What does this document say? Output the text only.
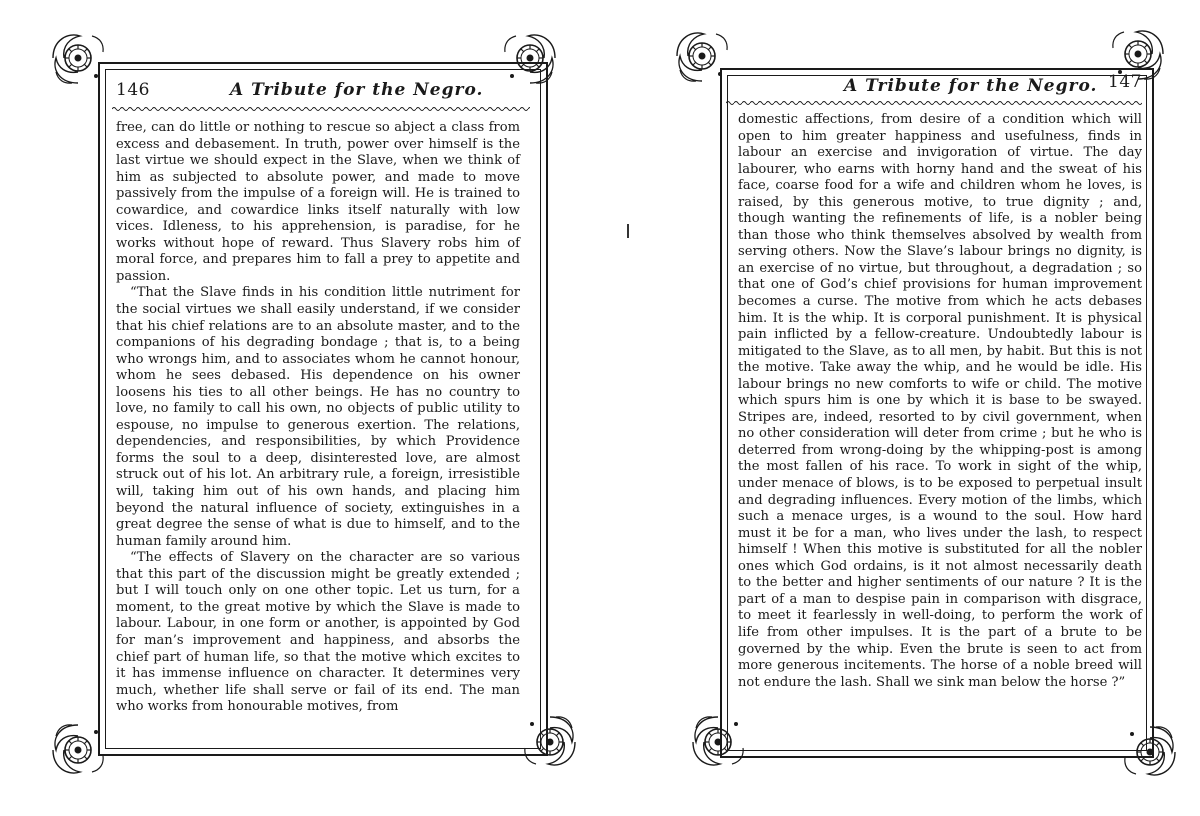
146	A Tribute for the Negro.

free, can do little or nothing to rescue so abject a class from excess and debasement. In truth, power over himself is the last virtue we should expect in the Slave, when we think of him as subjected to absolute power, and made to move passively from the impulse of a foreign will. He is trained to cowardice, and cowardice links itself naturally with low vices. Idleness, to his apprehension, is paradise, for he works without hope of reward. Thus Slavery robs him of moral force, and prepares him to fall a prey to appetite and passion.

“That the Slave finds in his condition little nutriment for the social virtues we shall easily understand, if we consider that his chief relations are to an absolute master, and to the companions of his degrading bondage ; that is, to a being who wrongs him, and to associates whom he cannot honour, whom he sees debased. His dependence on his owner loosens his ties to all other beings. He has no country to love, no family to call his own, no objects of public utility to espouse, no impulse to generous exertion. The relations, dependencies, and responsibilities, by which Providence forms the soul to a deep, disinterested love, are almost struck out of his lot. An arbitrary rule, a foreign, irresistible will, taking him out of his own hands, and placing him beyond the natural influence of society, extinguishes in a great degree the sense of what is due to himself, and to the human family around him.

“The effects of Slavery on the character are so various that this part of the discussion might be greatly extended ; but I will touch only on one other topic. Let us turn, for a moment, to the great motive by which the Slave is made to labour. Labour, in one form or another, is appointed by God for man’s improvement and happiness, and absorbs the chief part of human life, so that the motive which excites to it has immense influence on character. It determines very much, whether life shall serve or fail of its end. The man who works from honourable motives, from

A Tribute for the Negro. 147

domestic affections, from desire of a condition which will open to him greater happiness and usefulness, finds in labour an exercise and invigoration of virtue. The day labourer, who earns with horny hand and the sweat of his face, coarse food for a wife and children whom he loves, is raised, by this generous motive, to true dignity ; and, though wanting the refinements of life, is a nobler being than those who think themselves absolved by wealth from serving others. Now the Slave’s labour brings no dignity, is an exercise of no virtue, but throughout, a degradation ; so that one of God’s chief provisions for human improvement becomes a curse. The motive from which he acts debases him. It is the whip. It is corporal punishment. It is physical pain inflicted by a fellow-creature. Undoubtedly labour is mitigated to the Slave, as to all men, by habit. But this is not the motive. Take away the whip, and he would be idle. His labour brings no new comforts to wife or child. The motive which spurs him is one by which it is base to be swayed. Stripes are, indeed, resorted to by civil government, when no other consideration will deter from crime ; but he who is deterred from wrong-doing by the whipping-post is among the most fallen of his race. To work in sight of the whip, under menace of blows, is to be exposed to perpetual insult and degrading influences. Every motion of the limbs, which such a menace urges, is a wound to the soul. How hard must it be for a man, who lives under the lash, to respect himself ! When this motive is substituted for all the nobler ones which God ordains, is it not almost necessarily death to the better and higher sentiments of our nature ? It is the part of a man to despise pain in comparison with disgrace, to meet it fearlessly in well-doing, to perform the work of life from other impulses. It is the part of a brute to be governed by the whip. Even the brute is seen to act from more generous incitements. The horse of a noble breed will not endure the lash. Shall we sink man below the horse ?”
